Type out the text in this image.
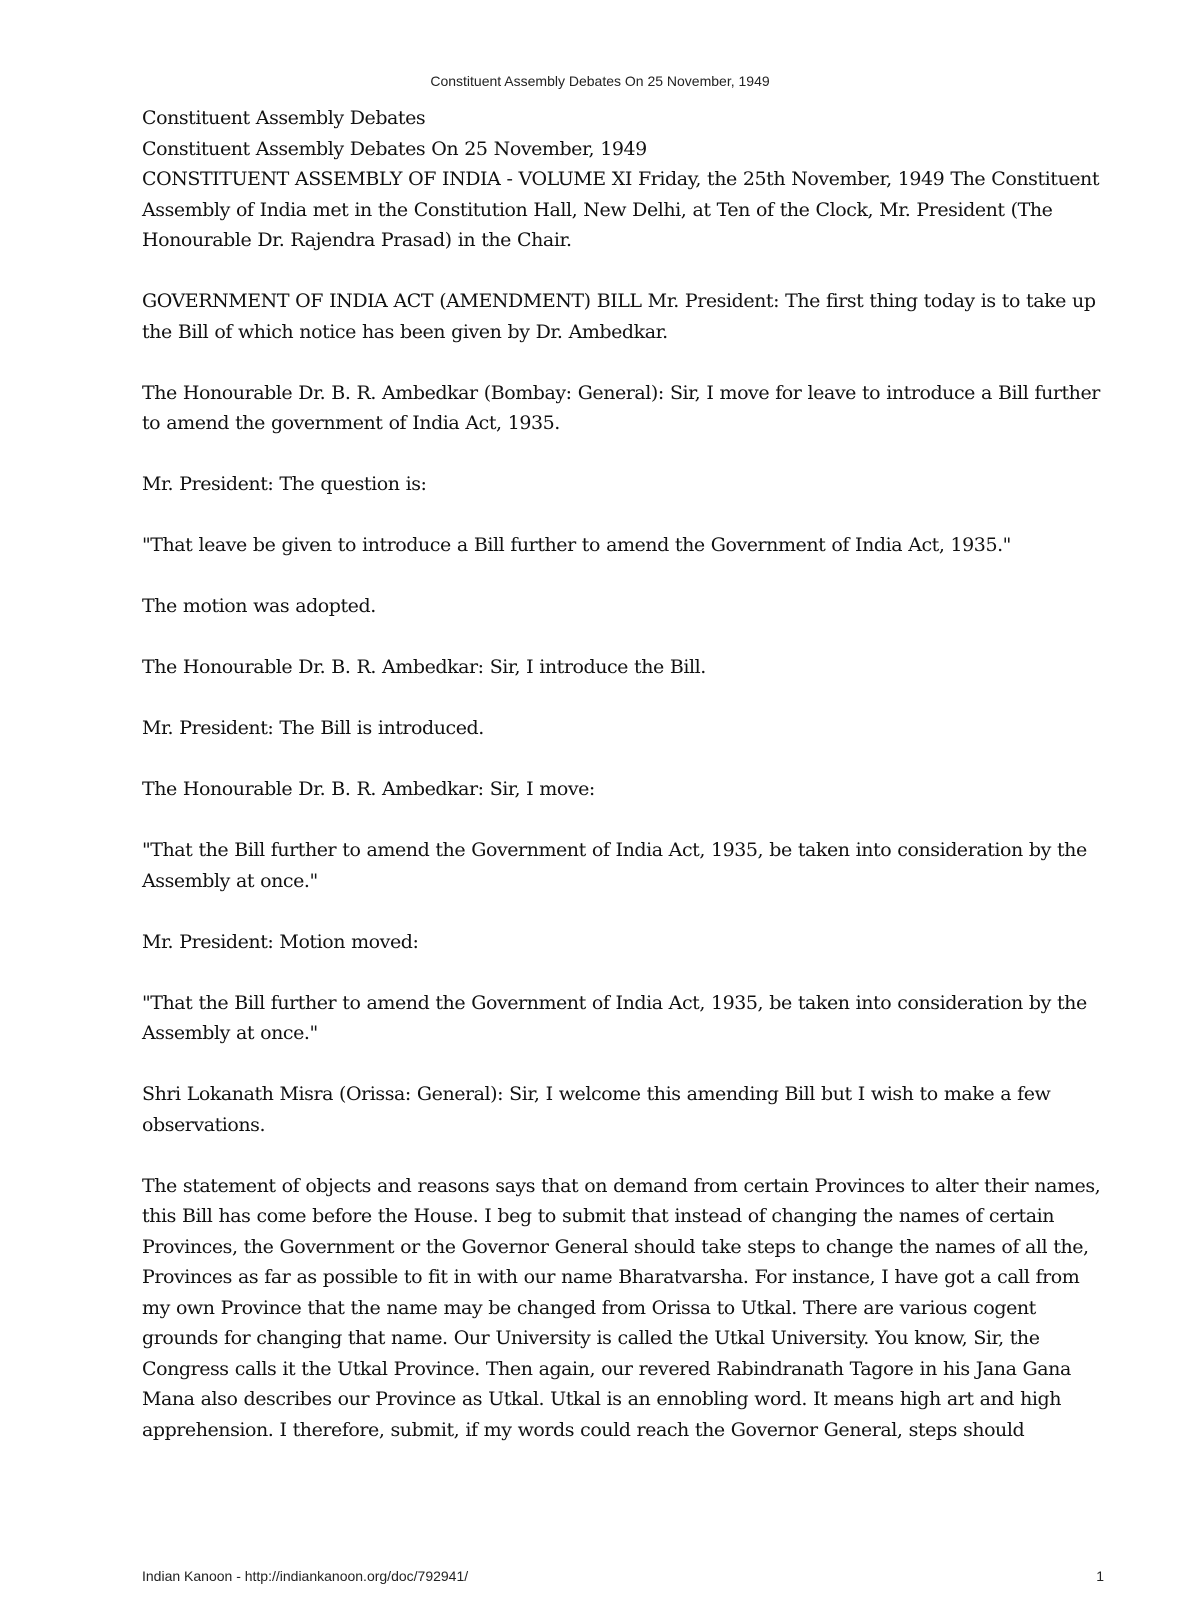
Constituent Assembly Debates On 25 November, 1949

Constituent Assembly Debates

Constituent Assembly Debates On 25 November, 1949

CONSTITUENT ASSEMBLY OF INDIA - VOLUME XI Friday, the 25th November, 1949 The Constituent Assembly of India met in the Constitution Hall, New Delhi, at Ten of the Clock, Mr. President (The Honourable Dr. Rajendra Prasad) in the Chair.

GOVERNMENT OF INDIA ACT (AMENDMENT) BILL Mr. President: The first thing today is to take up the Bill of which notice has been given by Dr. Ambedkar.

The Honourable Dr. B. R. Ambedkar (Bombay: General): Sir, I move for leave to introduce a Bill further to amend the government of India Act, 1935.

Mr. President: The question is:

"That leave be given to introduce a Bill further to amend the Government of India Act, 1935."

The motion was adopted.

The Honourable Dr. B. R. Ambedkar: Sir, I introduce the Bill.

Mr. President: The Bill is introduced.

The Honourable Dr. B. R. Ambedkar: Sir, I move:

"That the Bill further to amend the Government of India Act, 1935, be taken into consideration by the Assembly at once."

Mr. President: Motion moved:

"That the Bill further to amend the Government of India Act, 1935, be taken into consideration by the Assembly at once."

Shri Lokanath Misra (Orissa: General): Sir, I welcome this amending Bill but I wish to make a few observations.

The statement of objects and reasons says that on demand from certain Provinces to alter their names, this Bill has come before the House. I beg to submit that instead of changing the names of certain Provinces, the Government or the Governor General should take steps to change the names of all the, Provinces as far as possible to fit in with our name Bharatvarsha. For instance, I have got a call from my own Province that the name may be changed from Orissa to Utkal. There are various cogent grounds for changing that name. Our University is called the Utkal University. You know, Sir, the Congress calls it the Utkal Province. Then again, our revered Rabindranath Tagore in his Jana Gana Mana also describes our Province as Utkal. Utkal is an ennobling word. It means high art and high apprehension. I therefore, submit, if my words could reach the Governor General, steps should

Indian Kanoon - http://indiankanoon.org/doc/792941/	1
